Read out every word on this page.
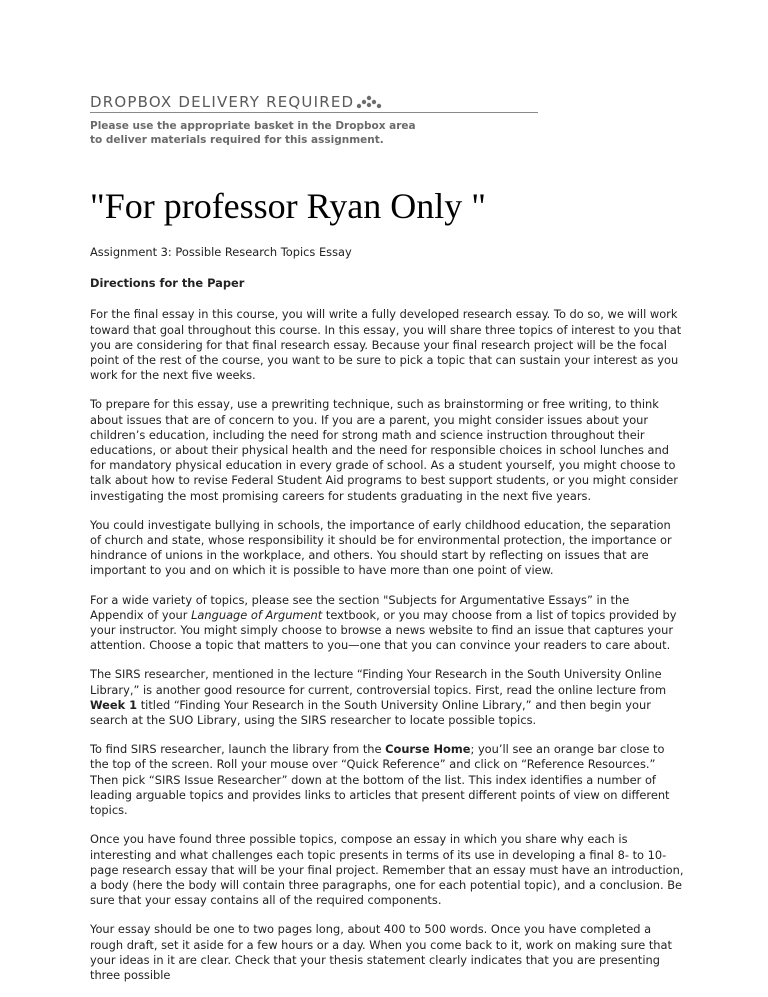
DROPBOX DELIVERY REQUIRED
Please use the appropriate basket in the Dropbox area
to deliver materials required for this assignment.
"For professor Ryan Only "

Assignment 3: Possible Research Topics Essay

Directions for the Paper

For the final essay in this course, you will write a fully developed research essay. To do so, we will work toward that goal throughout this course. In this essay, you will share three topics of interest to you that you are considering for that final research essay. Because your final research project will be the focal point of the rest of the course, you want to be sure to pick a topic that can sustain your interest as you work for the next five weeks.

To prepare for this essay, use a prewriting technique, such as brainstorming or free writing, to think about issues that are of concern to you. If you are a parent, you might consider issues about your children’s education, including the need for strong math and science instruction throughout their educations, or about their physical health and the need for responsible choices in school lunches and for mandatory physical education in every grade of school. As a student yourself, you might choose to talk about how to revise Federal Student Aid programs to best support students, or you might consider investigating the most promising careers for students graduating in the next five years.

You could investigate bullying in schools, the importance of early childhood education, the separation of church and state, whose responsibility it should be for environmental protection, the importance or hindrance of unions in the workplace, and others. You should start by reflecting on issues that are important to you and on which it is possible to have more than one point of view.

For a wide variety of topics, please see the section "Subjects for Argumentative Essays” in the Appendix of your Language of Argument textbook, or you may choose from a list of topics provided by your instructor. You might simply choose to browse a news website to find an issue that captures your attention. Choose a topic that matters to you—one that you can convince your readers to care about.

The SIRS researcher, mentioned in the lecture “Finding Your Research in the South University Online Library,” is another good resource for current, controversial topics. First, read the online lecture from Week 1 titled “Finding Your Research in the South University Online Library,” and then begin your search at the SUO Library, using the SIRS researcher to locate possible topics.

To find SIRS researcher, launch the library from the Course Home; you’ll see an orange bar close to the top of the screen. Roll your mouse over “Quick Reference” and click on “Reference Resources.” Then pick “SIRS Issue Researcher” down at the bottom of the list. This index identifies a number of leading arguable topics and provides links to articles that present different points of view on different topics.

Once you have found three possible topics, compose an essay in which you share why each is interesting and what challenges each topic presents in terms of its use in developing a final 8- to 10-page research essay that will be your final project. Remember that an essay must have an introduction, a body (here the body will contain three paragraphs, one for each potential topic), and a conclusion. Be sure that your essay contains all of the required components.

Your essay should be one to two pages long, about 400 to 500 words. Once you have completed a rough draft, set it aside for a few hours or a day. When you come back to it, work on making sure that your ideas in it are clear. Check that your thesis statement clearly indicates that you are presenting three possible
